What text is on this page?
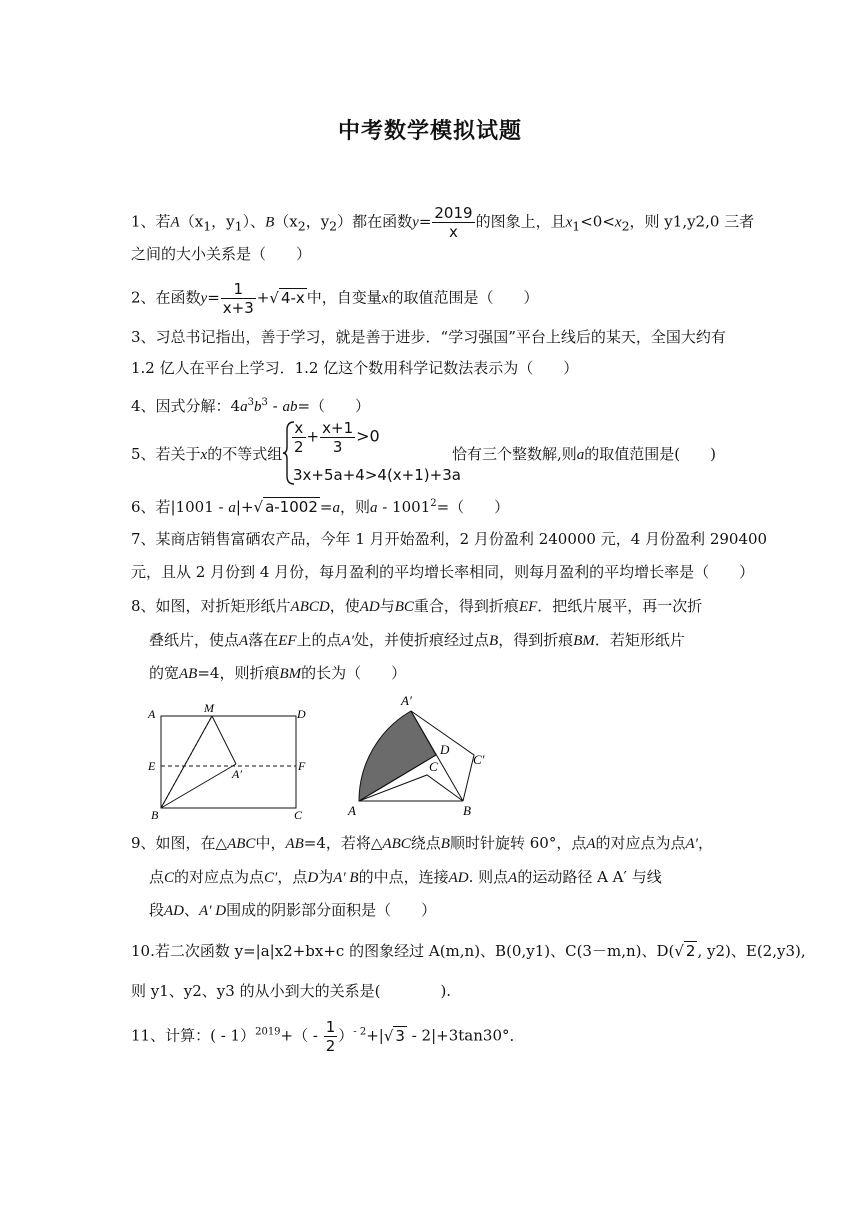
中考数学模拟试题
1、若$A(x_1$，$y_1$）、$B(x_2$，$y_2$）都在函数$y= \frac{2019}{x}$ 的图象上，且$x_1<0<x_2$，则 y1,y2,0 三者
之间的大小关系是（　　）
2、在函数$y= \frac{1}{x+3}$ +√ 4-x 中，自变量x的取值范围是（　　）
3、习总书记指出，善于学习，就是善于进步．“学习强国”平台上线后的某天，全国大约有
1.2 亿人在平台上学习．1.2 亿这个数用科学记数法表示为（　　）
4、因式分解：$4a^3b^3 - ab=$（　　）
5、若关于x的不等式组 $\frac{x}{2} + \frac{x+1}{3} >0$
3x+5a+4>4(x+1)+3a
恰有三个整数解,则a的取值范围是(　　)
6、若|1001 - a|+√ a-1002 =a，则$a - 1001^2=$（　　）
7、某商店销售富硒农产品，今年 1 月开始盈利，2 月份盈利 240000 元，4 月份盈利 290400
元，且从 2 月份到 4 月份，每月盈利的平均增长率相同，则每月盈利的平均增长率是（　　）
8、如图，对折矩形纸片ABCD，使AD与BC重合，得到折痕EF．把纸片展平，再一次折
叠纸片，使点A落在EF上的点A′处，并使折痕经过点B，得到折痕BM．若矩形纸片
的宽AB=4，则折痕BM的长为（　　）
A	M	D
E
A′
F
B	C
A′
D
C	C′
A	B
9、如图，在△ABC中，AB=4，若将△ABC绕点B顺时针旋转 60°，点A的对应点为点A′，
点C的对应点为点C′，点D为A′ B的中点，连接AD. 则点A的运动路径 A A′ 与线
段AD、A′ D围成的阴影部分面积是（　　）
10.若二次函数 y=|a|x2+bx+c 的图象经过 A(m,n)、B(0,y1)、C(3－m,n)、D(√ 2 , y2)、E(2,y3),
则 y1、y2、y3 的从小到大的关系是(　　　　).
11、计算：( - $1)^{2019}+( - \frac{1}{2} )^{- 2}+|√$ 3 - 2|+3tan30°．
